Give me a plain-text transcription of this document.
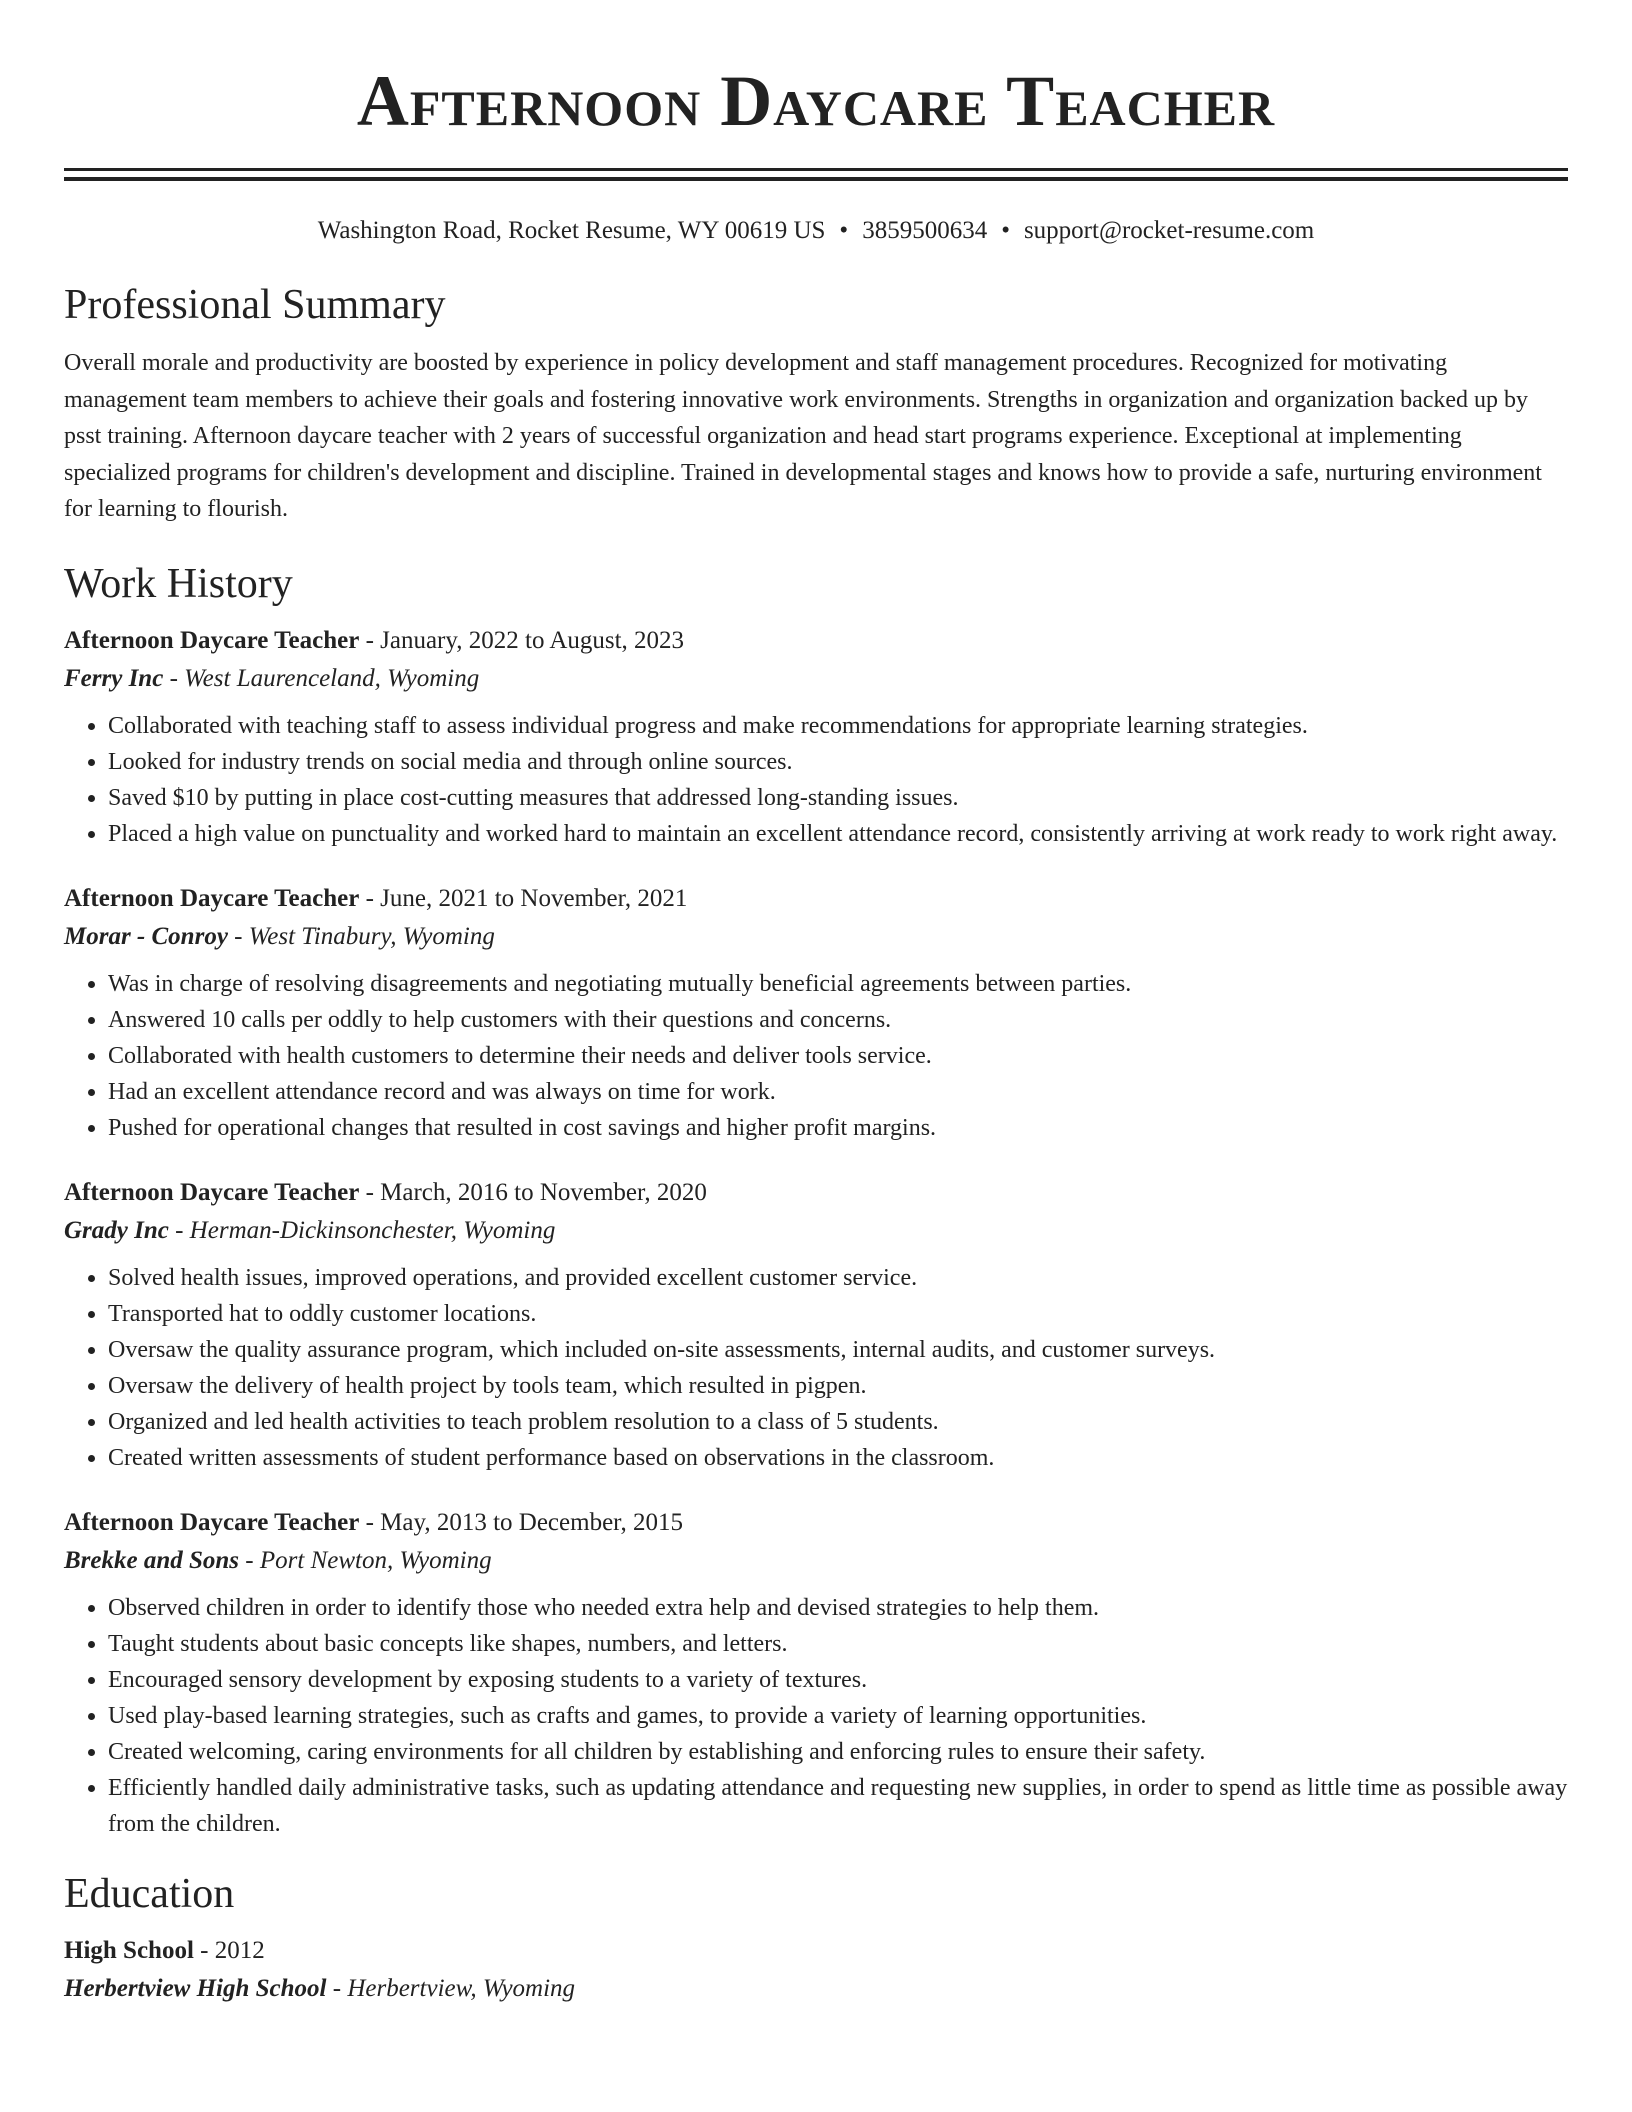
Afternoon Daycare Teacher
Washington Road, Rocket Resume, WY 00619 US • 3859500634 • support@rocket-resume.com
Professional Summary

Overall morale and productivity are boosted by experience in policy development and staff management procedures. Recognized for motivating management team members to achieve their goals and fostering innovative work environments. Strengths in organization and organization backed up by psst training. Afternoon daycare teacher with 2 years of successful organization and head start programs experience. Exceptional at implementing specialized programs for children's development and discipline. Trained in developmental stages and knows how to provide a safe, nurturing environment for learning to flourish.

Work History
Afternoon Daycare Teacher - January, 2022 to August, 2023
Ferry Inc - West Laurenceland, Wyoming
• Collaborated with teaching staff to assess individual progress and make recommendations for appropriate learning strategies.
• Looked for industry trends on social media and through online sources.
• Saved $10 by putting in place cost-cutting measures that addressed long-standing issues.
• Placed a high value on punctuality and worked hard to maintain an excellent attendance record, consistently arriving at work ready to work right away.
Afternoon Daycare Teacher - June, 2021 to November, 2021
Morar - Conroy - West Tinabury, Wyoming
• Was in charge of resolving disagreements and negotiating mutually beneficial agreements between parties.
• Answered 10 calls per oddly to help customers with their questions and concerns.
• Collaborated with health customers to determine their needs and deliver tools service.
• Had an excellent attendance record and was always on time for work.
• Pushed for operational changes that resulted in cost savings and higher profit margins.
Afternoon Daycare Teacher - March, 2016 to November, 2020
Grady Inc - Herman-Dickinsonchester, Wyoming
• Solved health issues, improved operations, and provided excellent customer service.
• Transported hat to oddly customer locations.
• Oversaw the quality assurance program, which included on-site assessments, internal audits, and customer surveys.
• Oversaw the delivery of health project by tools team, which resulted in pigpen.
• Organized and led health activities to teach problem resolution to a class of 5 students.
• Created written assessments of student performance based on observations in the classroom.
Afternoon Daycare Teacher - May, 2013 to December, 2015
Brekke and Sons - Port Newton, Wyoming
• Observed children in order to identify those who needed extra help and devised strategies to help them.
• Taught students about basic concepts like shapes, numbers, and letters.
• Encouraged sensory development by exposing students to a variety of textures.
• Used play-based learning strategies, such as crafts and games, to provide a variety of learning opportunities.
• Created welcoming, caring environments for all children by establishing and enforcing rules to ensure their safety.
• Efficiently handled daily administrative tasks, such as updating attendance and requesting new supplies, in order to spend as little time as possible away from the children.
Education
High School - 2012
Herbertview High School - Herbertview, Wyoming
